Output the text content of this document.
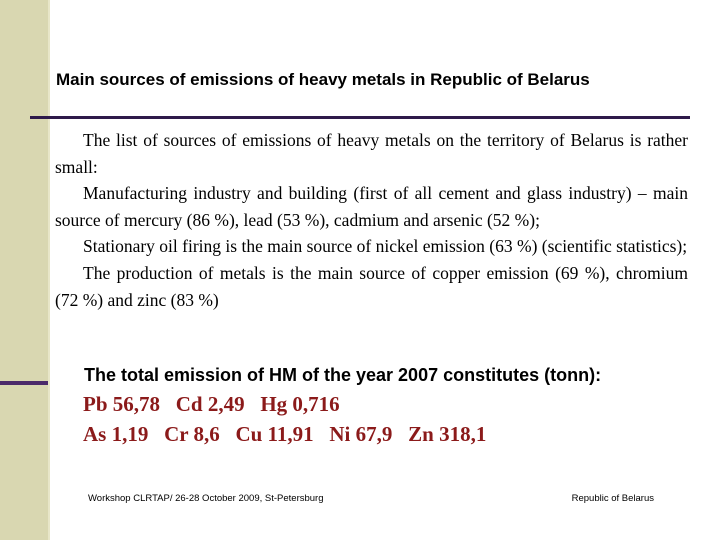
Main sources of emissions of heavy metals in Republic of Belarus

The list of sources of emissions of heavy metals on the territory of Belarus is rather small:

Manufacturing industry and building (first of all cement and glass industry) – main source of mercury (86 %), lead (53 %), cadmium and arsenic (52 %);

Stationary oil firing is the main source of nickel emission (63 %) (scientific statistics);

The production of metals is the main source of copper emission (69 %), chromium (72 %) and zinc (83 %)

The total emission of HM of the year 2007 constitutes (tonn):
Pb 56,78   Cd 2,49   Hg 0,716
As 1,19   Cr 8,6   Cu 11,91   Ni 67,9   Zn 318,1
Workshop CLRTAP/ 26-28 October 2009, St-Petersburg	Republic of Belarus
